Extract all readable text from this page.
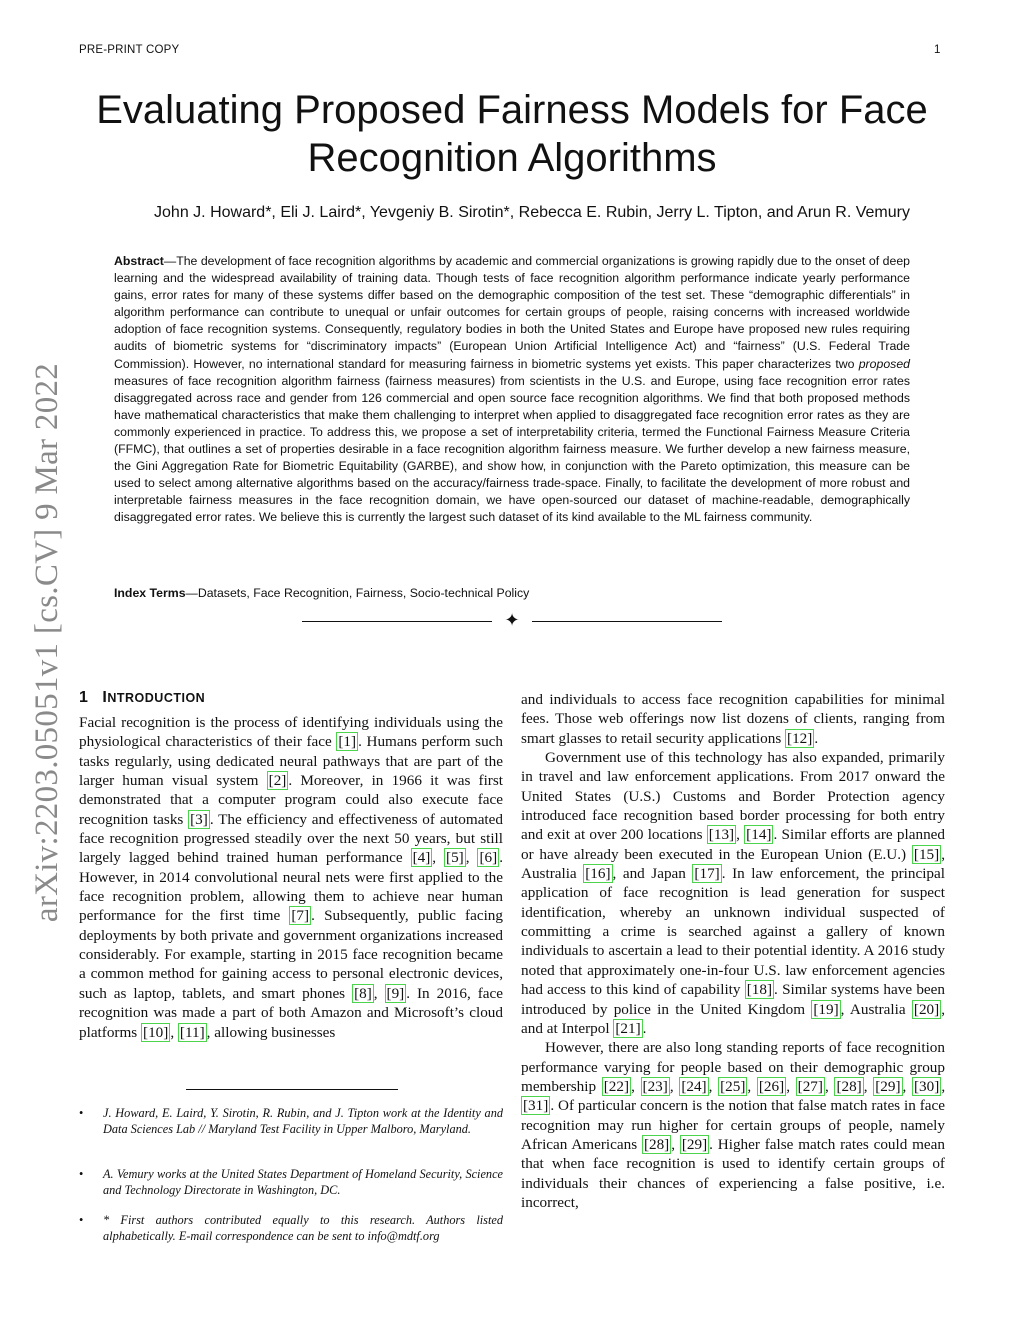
PRE-PRINT COPY	1
arXiv:2203.05051v1 [cs.CV] 9 Mar 2022
Evaluating Proposed Fairness Models for Face Recognition Algorithms
John J. Howard*, Eli J. Laird*, Yevgeniy B. Sirotin*, Rebecca E. Rubin, Jerry L. Tipton, and Arun R. Vemury

Abstract—The development of face recognition algorithms by academic and commercial organizations is growing rapidly due to the onset of deep learning and the widespread availability of training data. Though tests of face recognition algorithm performance indicate yearly performance gains, error rates for many of these systems differ based on the demographic composition of the test set. These “demographic differentials” in algorithm performance can contribute to unequal or unfair outcomes for certain groups of people, raising concerns with increased worldwide adoption of face recognition systems. Consequently, regulatory bodies in both the United States and Europe have proposed new rules requiring audits of biometric systems for “discriminatory impacts” (European Union Artificial Intelligence Act) and “fairness” (U.S. Federal Trade Commission). However, no international standard for measuring fairness in biometric systems yet exists. This paper characterizes two proposed measures of face recognition algorithm fairness (fairness measures) from scientists in the U.S. and Europe, using face recognition error rates disaggregated across race and gender from 126 commercial and open source face recognition algorithms. We find that both proposed methods have mathematical characteristics that make them challenging to interpret when applied to disaggregated face recognition error rates as they are commonly experienced in practice. To address this, we propose a set of interpretability criteria, termed the Functional Fairness Measure Criteria (FFMC), that outlines a set of properties desirable in a face recognition algorithm fairness measure. We further develop a new fairness measure, the Gini Aggregation Rate for Biometric Equitability (GARBE), and show how, in conjunction with the Pareto optimization, this measure can be used to select among alternative algorithms based on the accuracy/fairness trade-space. Finally, to facilitate the development of more robust and interpretable fairness measures in the face recognition domain, we have open-sourced our dataset of machine-readable, demographically disaggregated error rates. We believe this is currently the largest such dataset of its kind available to the ML fairness community.

Index Terms—Datasets, Face Recognition, Fairness, Socio-technical Policy

✦
1 INTRODUCTION

Facial recognition is the process of identifying individuals using the physiological characteristics of their face [1] . Humans perform such tasks regularly, using dedicated neural pathways that are part of the larger human visual system [2] . Moreover, in 1966 it was first demonstrated that a computer program could also execute face recognition tasks [3] . The efficiency and effectiveness of automated face recognition progressed steadily over the next 50 years, but still largely lagged behind trained human performance [4] , [5] , [6] . However, in 2014 convolutional neural nets were first applied to the face recognition problem, allowing them to achieve near human performance for the first time [7] . Subsequently, public facing deployments by both private and government organizations increased considerably. For example, starting in 2015 face recognition became a common method for gaining access to personal electronic devices, such as laptop, tablets, and smart phones [8] , [9] . In 2016, face recognition was made a part of both Amazon and Microsoft’s cloud platforms [10] , [11] , allowing businesses

• J. Howard, E. Laird, Y. Sirotin, R. Rubin, and J. Tipton work at the Identity and Data Sciences Lab // Maryland Test Facility in Upper Malboro, Maryland.
• A. Vemury works at the United States Department of Homeland Security, Science and Technology Directorate in Washington, DC.
• * First authors contributed equally to this research. Authors listed alphabetically. E-mail correspondence can be sent to info@mdtf.org

and individuals to access face recognition capabilities for minimal fees. Those web offerings now list dozens of clients, ranging from smart glasses to retail security applications [12] .

Government use of this technology has also expanded, primarily in travel and law enforcement applications. From 2017 onward the United States (U.S.) Customs and Border Protection agency introduced face recognition based border processing for both entry and exit at over 200 locations [13] , [14] . Similar efforts are planned or have already been executed in the European Union (E.U.) [15] , Australia [16] , and Japan [17] . In law enforcement, the principal application of face recognition is lead generation for suspect identification, whereby an unknown individual suspected of committing a crime is searched against a gallery of known individuals to ascertain a lead to their potential identity. A 2016 study noted that approximately one-in-four U.S. law enforcement agencies had access to this kind of capability [18] . Similar systems have been introduced by police in the United Kingdom [19] , Australia [20] , and at Interpol [21] .

However, there are also long standing reports of face recognition performance varying for people based on their demographic group membership [22] , [23] , [24] , [25] , [26] , [27] , [28] , [29] , [30] , [31] . Of particular concern is the notion that false match rates in face recognition may run higher for certain groups of people, namely African Americans [28] , [29] . Higher false match rates could mean that when face recognition is used to identify certain groups of individuals their chances of experiencing a false positive, i.e. incorrect,
